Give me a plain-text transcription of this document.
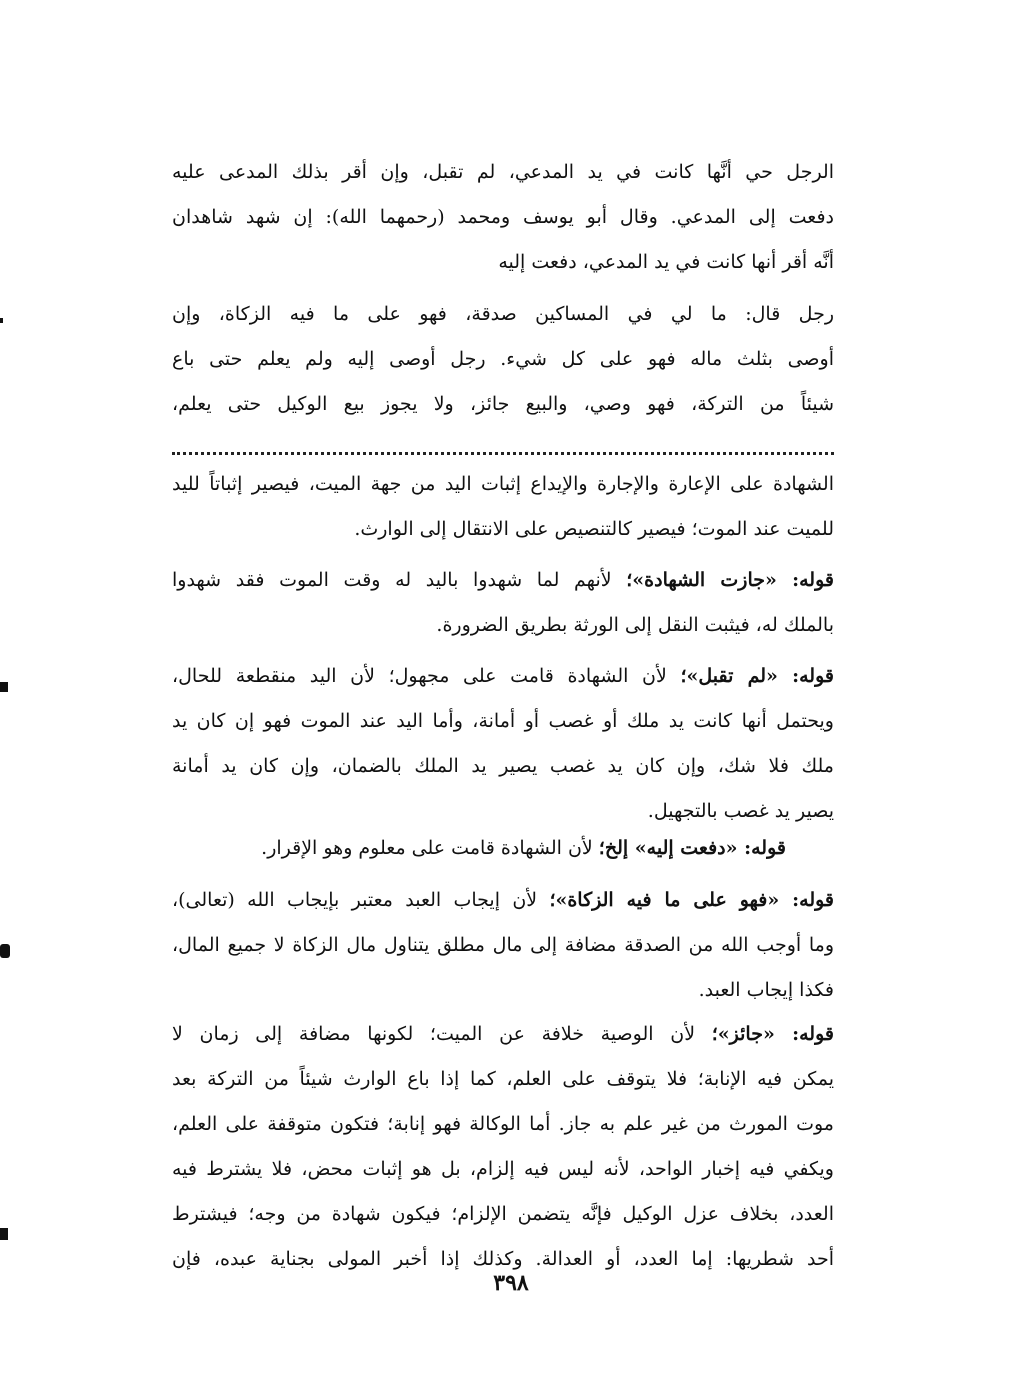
الرجل حي أنَّها كانت في يد المدعي، لم تقبل، وإن أقر بذلك المدعى عليه
دفعت إلى المدعي. وقال أبو يوسف ومحمد (رحمهما الله): إن شهد شاهدان
أنَّه أقر أنها كانت في يد المدعي، دفعت إليه
رجل قال: ما لي في المساكين صدقة، فهو على ما فيه الزكاة، وإن
أوصى بثلث ماله فهو على كل شيء. رجل أوصى إليه ولم يعلم حتى باع
شيئاً من التركة، فهو وصي، والبيع جائز، ولا يجوز بيع الوكيل حتى يعلم،
الشهادة على الإعارة والإجارة والإيداع إثبات اليد من جهة الميت، فيصير إثباتاً لليد
للميت عند الموت؛ فيصير كالتنصيص على الانتقال إلى الوارث.
قوله: «جازت الشهادة»؛ لأنهم لما شهدوا باليد له وقت الموت فقد شهدوا
بالملك له، فيثبت النقل إلى الورثة بطريق الضرورة.
قوله: «لم تقبل»؛ لأن الشهادة قامت على مجهول؛ لأن اليد منقطعة للحال،
ويحتمل أنها كانت يد ملك أو غصب أو أمانة، وأما اليد عند الموت فهو إن كان يد
ملك فلا شك، وإن كان يد غصب يصير يد الملك بالضمان، وإن كان يد أمانة
يصير يد غصب بالتجهيل.
قوله: «دفعت إليه» إلخ؛ لأن الشهادة قامت على معلوم وهو الإقرار.
قوله: «فهو على ما فيه الزكاة»؛ لأن إيجاب العبد معتبر بإيجاب الله (تعالى)،
وما أوجب الله من الصدقة مضافة إلى مال مطلق يتناول مال الزكاة لا جميع المال،
فكذا إيجاب العبد.
قوله: «جائز»؛ لأن الوصية خلافة عن الميت؛ لكونها مضافة إلى زمان لا
يمكن فيه الإنابة؛ فلا يتوقف على العلم، كما إذا باع الوارث شيئاً من التركة بعد
موت المورث من غير علم به جاز. أما الوكالة فهو إنابة؛ فتكون متوقفة على العلم،
ويكفي فيه إخبار الواحد، لأنه ليس فيه إلزام، بل هو إثبات محض، فلا يشترط فيه
العدد، بخلاف عزل الوكيل فإنَّه يتضمن الإلزام؛ فيكون شهادة من وجه؛ فيشترط
أحد شطريها: إما العدد، أو العدالة. وكذلك إذا أخبر المولى بجناية عبده، فإن
٣٩٨
